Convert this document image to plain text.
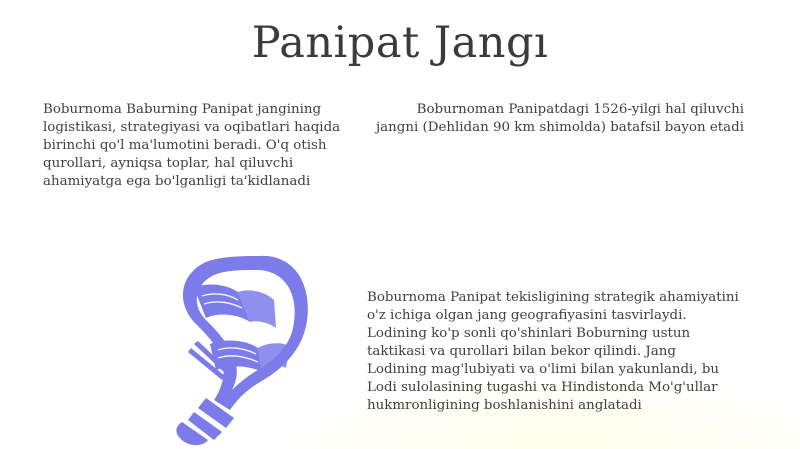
Panipat Jangı

Boburnoma Baburning Panipat jangining logistikasi, strategiyasi va oqibatlari haqida birinchi qo'l ma'lumotini beradi. O'q otish qurollari, ayniqsa toplar, hal qiluvchi ahamiyatga ega bo'lganligi ta'kidlanadi

Boburnoman Panipatdagi 1526-yilgi hal qiluvchi jangni (Dehlidan 90 km shimolda) batafsil bayon etadi

Boburnoma Panipat tekisligining strategik ahamiyatini o'z ichiga olgan jang geografiyasini tasvirlaydi. Lodining ko'p sonli qo'shinlari Boburning ustun taktikasi va qurollari bilan bekor qilindi. Jang Lodining mag'lubiyati va o'limi bilan yakunlandi, bu Lodi sulolasining tugashi va Hindistonda Mo'g'ullar hukmronligining boshlanishini anglatadi
